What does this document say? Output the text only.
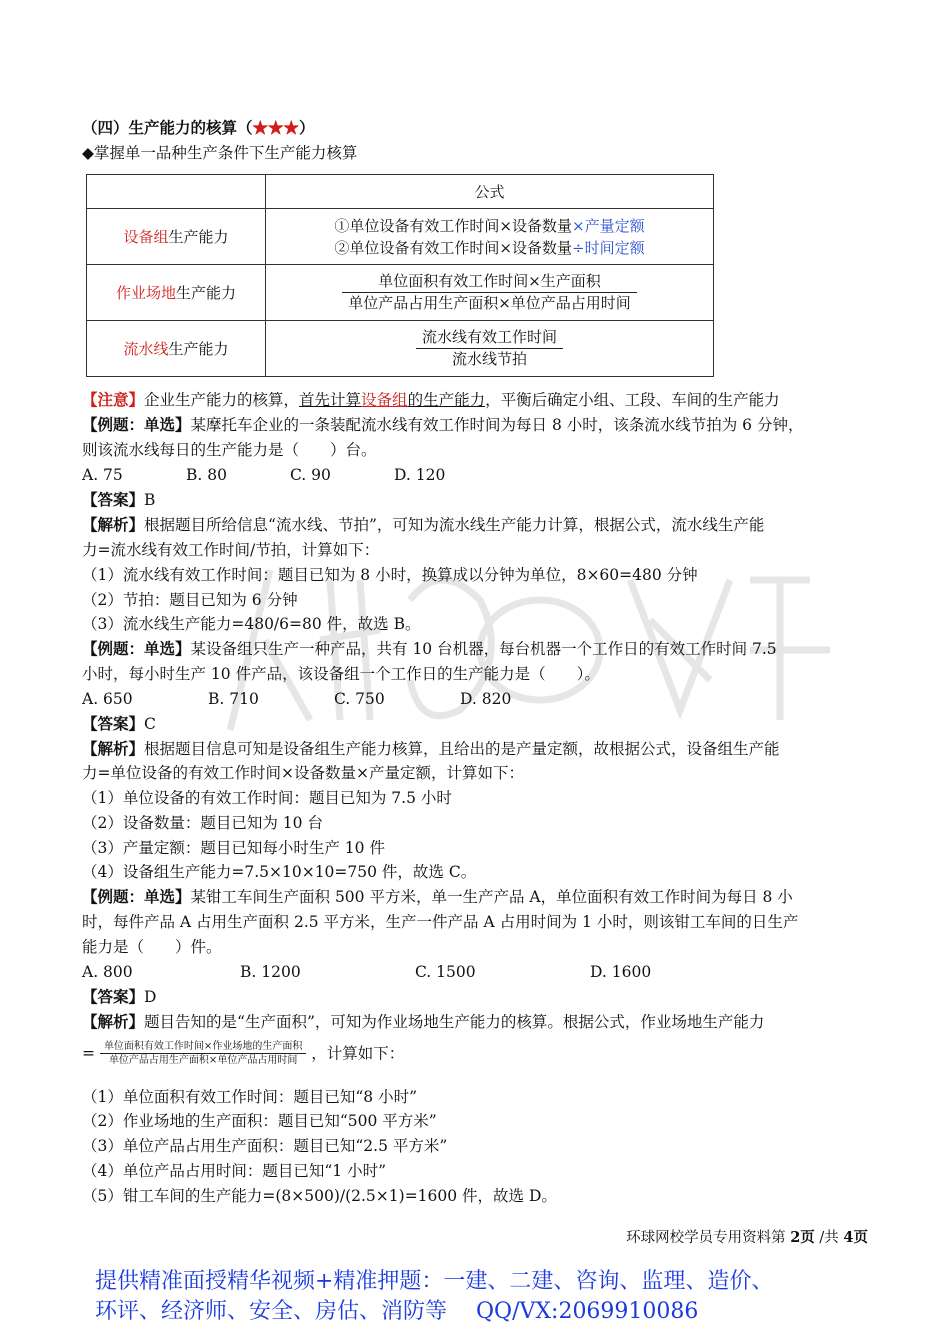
（四）生产能力的核算（★★★）
◆掌握单一品种生产条件下生产能力核算
	公式
设备组生产能力	①单位设备有效工作时间×设备数量×产量定额
②单位设备有效工作时间×设备数量÷时间定额

作业场地生产能力	$\frac{\text{单位面积有效工作时间×生产面积}}{\text{单位产品占用生产面积×单位产品占用时间}}$

流水线生产能力	$\frac{\text{流水线有效工作时间}}{\text{流水线节拍}}$
【注意】企业生产能力的核算，首先计算设备组的生产能力，平衡后确定小组、工段、车间的生产能力
【例题：单选】某摩托车企业的一条装配流水线有效工作时间为每日 8 小时，该条流水线节拍为 6 分钟，
则该流水线每日的生产能力是（　　）台。
A. 75	B. 80	C. 90	D. 120
【答案】B
【解析】根据题目所给信息“流水线、节拍”，可知为流水线生产能力计算，根据公式，流水线生产能
力=流水线有效工作时间/节拍，计算如下：
（1）流水线有效工作时间：题目已知为 8 小时，换算成以分钟为单位，8×60=480 分钟
（2）节拍：题目已知为 6 分钟
（3）流水线生产能力=480/6=80 件，故选 B。
【例题：单选】某设备组只生产一种产品，共有 10 台机器，每台机器一个工作日的有效工作时间 7.5
小时，每小时生产 10 件产品，该设备组一个工作日的生产能力是（　　）。
A. 650	B. 710	C. 750	D. 820
【答案】C
【解析】根据题目信息可知是设备组生产能力核算，且给出的是产量定额，故根据公式，设备组生产能
力=单位设备的有效工作时间×设备数量×产量定额，计算如下：
（1）单位设备的有效工作时间：题目已知为 7.5 小时
（2）设备数量：题目已知为 10 台
（3）产量定额：题目已知每小时生产 10 件
（4）设备组生产能力=7.5×10×10=750 件，故选 C。
【例题：单选】某钳工车间生产面积 500 平方米，单一生产产品 A，单位面积有效工作时间为每日 8 小
时，每件产品 A 占用生产面积 2.5 平方米，生产一件产品 A 占用时间为 1 小时，则该钳工车间的日生产
能力是（　　）件。
A. 800	B. 1200	C. 1500	D. 1600
【答案】D
【解析】题目告知的是“生产面积”，可知为作业场地生产能力的核算。根据公式，作业场地生产能力
= $\frac{\text{单位面积有效工作时间×作业场地的生产面积}}{\text{单位产品占用生产面积×单位产品占用时间}}$ ，计算如下：
（1）单位面积有效工作时间：题目已知“8 小时”
（2）作业场地的生产面积：题目已知“500 平方米”
（3）单位产品占用生产面积：题目已知“2.5 平方米”
（4）单位产品占用时间：题目已知“1 小时”
（5）钳工车间的生产能力=(8×500)/(2.5×1)=1600 件，故选 D。
环球网校学员专用资料第 2页 /共 4页
提供精准面授精华视频+精准押题：一建、二建、咨询、监理、造价、
环评、经济师、安全、房估、消防等　 QQ/VX:2069910086
